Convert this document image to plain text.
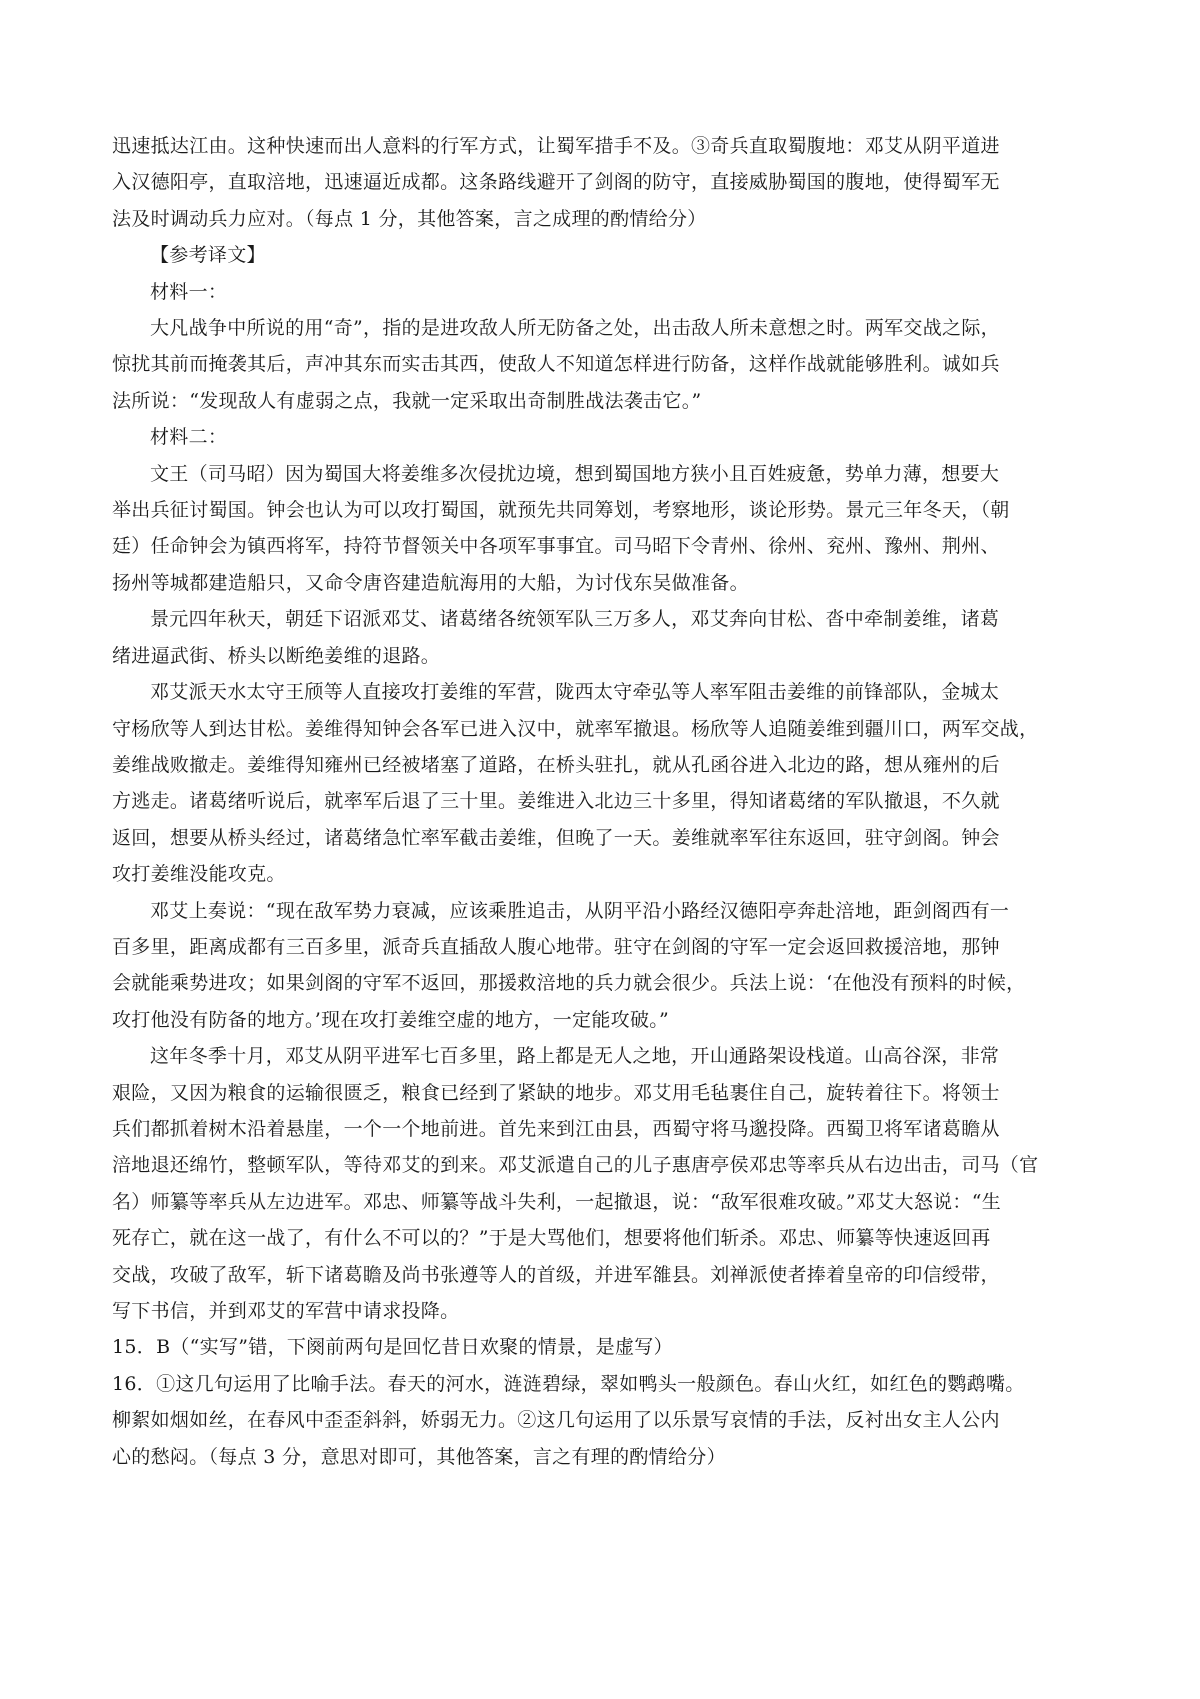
迅速抵达江由。这种快速而出人意料的行军方式，让蜀军措手不及。③奇兵直取蜀腹地：邓艾从阴平道进
入汉德阳亭，直取涪地，迅速逼近成都。这条路线避开了剑阁的防守，直接威胁蜀国的腹地，使得蜀军无
法及时调动兵力应对。（每点 1 分，其他答案，言之成理的酌情给分）
【参考译文】
材料一：
大凡战争中所说的用“奇”，指的是进攻敌人所无防备之处，出击敌人所未意想之时。两军交战之际，
惊扰其前而掩袭其后，声冲其东而实击其西，使敌人不知道怎样进行防备，这样作战就能够胜利。诚如兵
法所说：“发现敌人有虚弱之点，我就一定采取出奇制胜战法袭击它。”
材料二：
文王（司马昭）因为蜀国大将姜维多次侵扰边境，想到蜀国地方狭小且百姓疲惫，势单力薄，想要大
举出兵征讨蜀国。钟会也认为可以攻打蜀国，就预先共同筹划，考察地形，谈论形势。景元三年冬天，（朝
廷）任命钟会为镇西将军，持符节督领关中各项军事事宜。司马昭下令青州、徐州、兖州、豫州、荆州、
扬州等城都建造船只，又命令唐咨建造航海用的大船，为讨伐东吴做准备。
景元四年秋天，朝廷下诏派邓艾、诸葛绪各统领军队三万多人，邓艾奔向甘松、沓中牵制姜维，诸葛
绪进逼武街、桥头以断绝姜维的退路。
邓艾派天水太守王颀等人直接攻打姜维的军营，陇西太守牵弘等人率军阻击姜维的前锋部队，金城太
守杨欣等人到达甘松。姜维得知钟会各军已进入汉中，就率军撤退。杨欣等人追随姜维到疆川口，两军交战，
姜维战败撤走。姜维得知雍州已经被堵塞了道路，在桥头驻扎，就从孔函谷进入北边的路，想从雍州的后
方逃走。诸葛绪听说后，就率军后退了三十里。姜维进入北边三十多里，得知诸葛绪的军队撤退，不久就
返回，想要从桥头经过，诸葛绪急忙率军截击姜维，但晚了一天。姜维就率军往东返回，驻守剑阁。钟会
攻打姜维没能攻克。
邓艾上奏说：“现在敌军势力衰减，应该乘胜追击，从阴平沿小路经汉德阳亭奔赴涪地，距剑阁西有一
百多里，距离成都有三百多里，派奇兵直插敌人腹心地带。驻守在剑阁的守军一定会返回救援涪地，那钟
会就能乘势进攻；如果剑阁的守军不返回，那援救涪地的兵力就会很少。兵法上说：‘在他没有预料的时候，
攻打他没有防备的地方。’现在攻打姜维空虚的地方，一定能攻破。”
这年冬季十月，邓艾从阴平进军七百多里，路上都是无人之地，开山通路架设栈道。山高谷深，非常
艰险，又因为粮食的运输很匮乏，粮食已经到了紧缺的地步。邓艾用毛毡裹住自己，旋转着往下。将领士
兵们都抓着树木沿着悬崖，一个一个地前进。首先来到江由县，西蜀守将马邈投降。西蜀卫将军诸葛瞻从
涪地退还绵竹，整顿军队，等待邓艾的到来。邓艾派遣自己的儿子惠唐亭侯邓忠等率兵从右边出击，司马（官
名）师纂等率兵从左边进军。邓忠、师纂等战斗失利，一起撤退，说：“敌军很难攻破。”邓艾大怒说：“生
死存亡，就在这一战了，有什么不可以的？”于是大骂他们，想要将他们斩杀。邓忠、师纂等快速返回再
交战，攻破了敌军，斩下诸葛瞻及尚书张遵等人的首级，并进军雒县。刘禅派使者捧着皇帝的印信绶带，
写下书信，并到邓艾的军营中请求投降。
15．B（“实写”错，下阕前两句是回忆昔日欢聚的情景，是虚写）
16．①这几句运用了比喻手法。春天的河水，涟涟碧绿，翠如鸭头一般颜色。春山火红，如红色的鹦鹉嘴。
柳絮如烟如丝，在春风中歪歪斜斜，娇弱无力。②这几句运用了以乐景写哀情的手法，反衬出女主人公内
心的愁闷。（每点 3 分，意思对即可，其他答案，言之有理的酌情给分）
